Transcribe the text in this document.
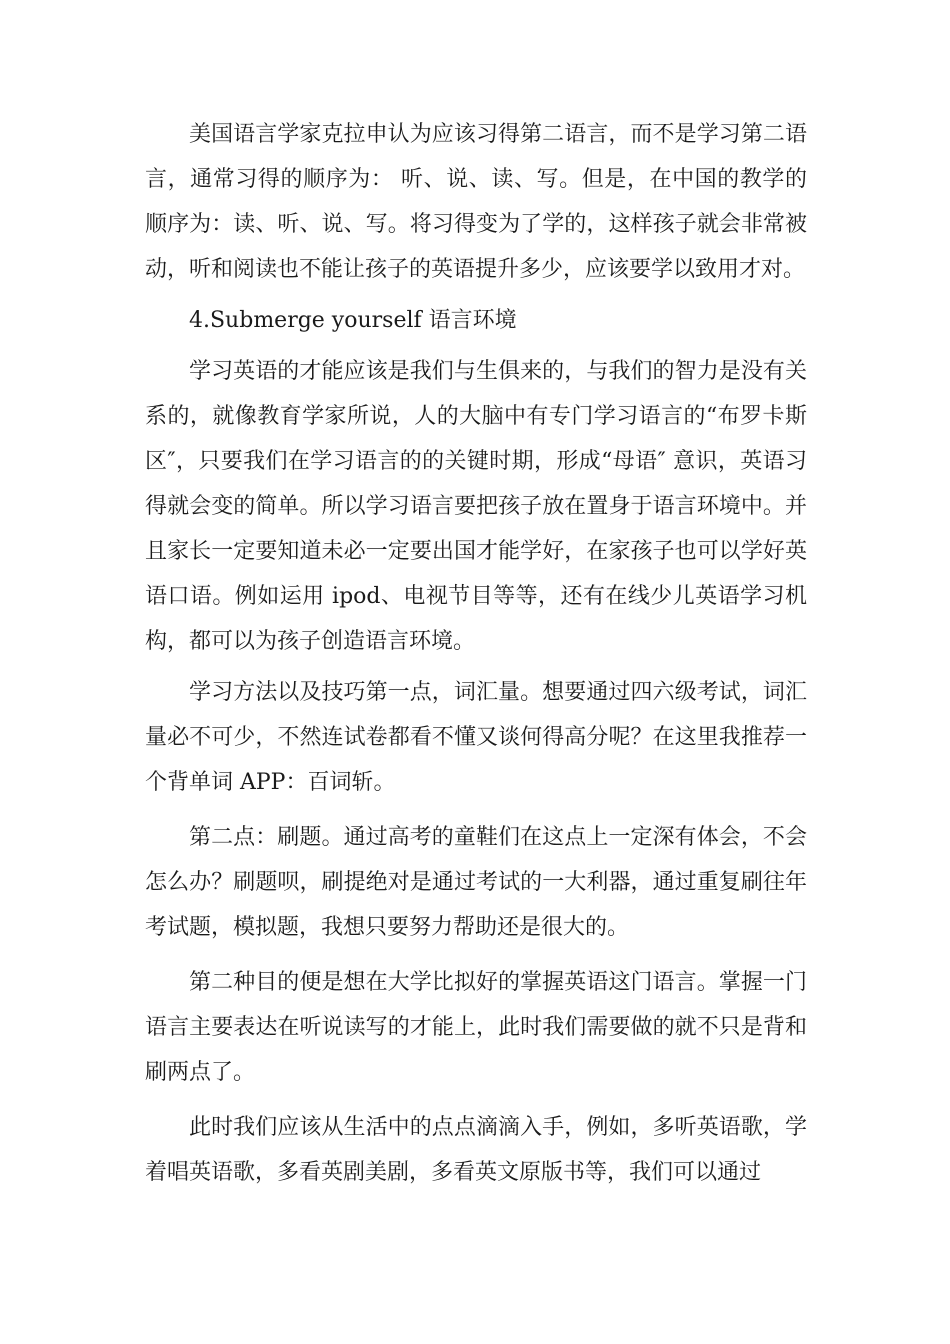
美国语言学家克拉申认为应该习得第二语言，而不是学习第二语言，通常习得的顺序为： 听、说、读、写。但是，在中国的教学的顺序为：读、听、说、写。将习得变为了学的，这样孩子就会非常被动，听和阅读也不能让孩子的英语提升多少，应该要学以致用才对。

4.Submerge yourself 语言环境

学习英语的才能应该是我们与生俱来的，与我们的智力是没有关系的，就像教育学家所说，人的大脑中有专门学习语言的“布罗卡斯区″，只要我们在学习语言的的关键时期，形成“母语″ 意识，英语习得就会变的简单。所以学习语言要把孩子放在置身于语言环境中。并且家长一定要知道未必一定要出国才能学好，在家孩子也可以学好英语口语。例如运用 ipod、电视节目等等，还有在线少儿英语学习机构，都可以为孩子创造语言环境。

学习方法以及技巧第一点，词汇量。想要通过四六级考试，词汇量必不可少，不然连试卷都看不懂又谈何得高分呢？在这里我推荐一个背单词 APP：百词斩。

第二点：刷题。通过高考的童鞋们在这点上一定深有体会，不会怎么办？刷题呗，刷提绝对是通过考试的一大利器，通过重复刷往年考试题，模拟题，我想只要努力帮助还是很大的。

第二种目的便是想在大学比拟好的掌握英语这门语言。掌握一门语言主要表达在听说读写的才能上，此时我们需要做的就不只是背和刷两点了。

此时我们应该从生活中的点点滴滴入手，例如，多听英语歌，学着唱英语歌，多看英剧美剧，多看英文原版书等，我们可以通过
